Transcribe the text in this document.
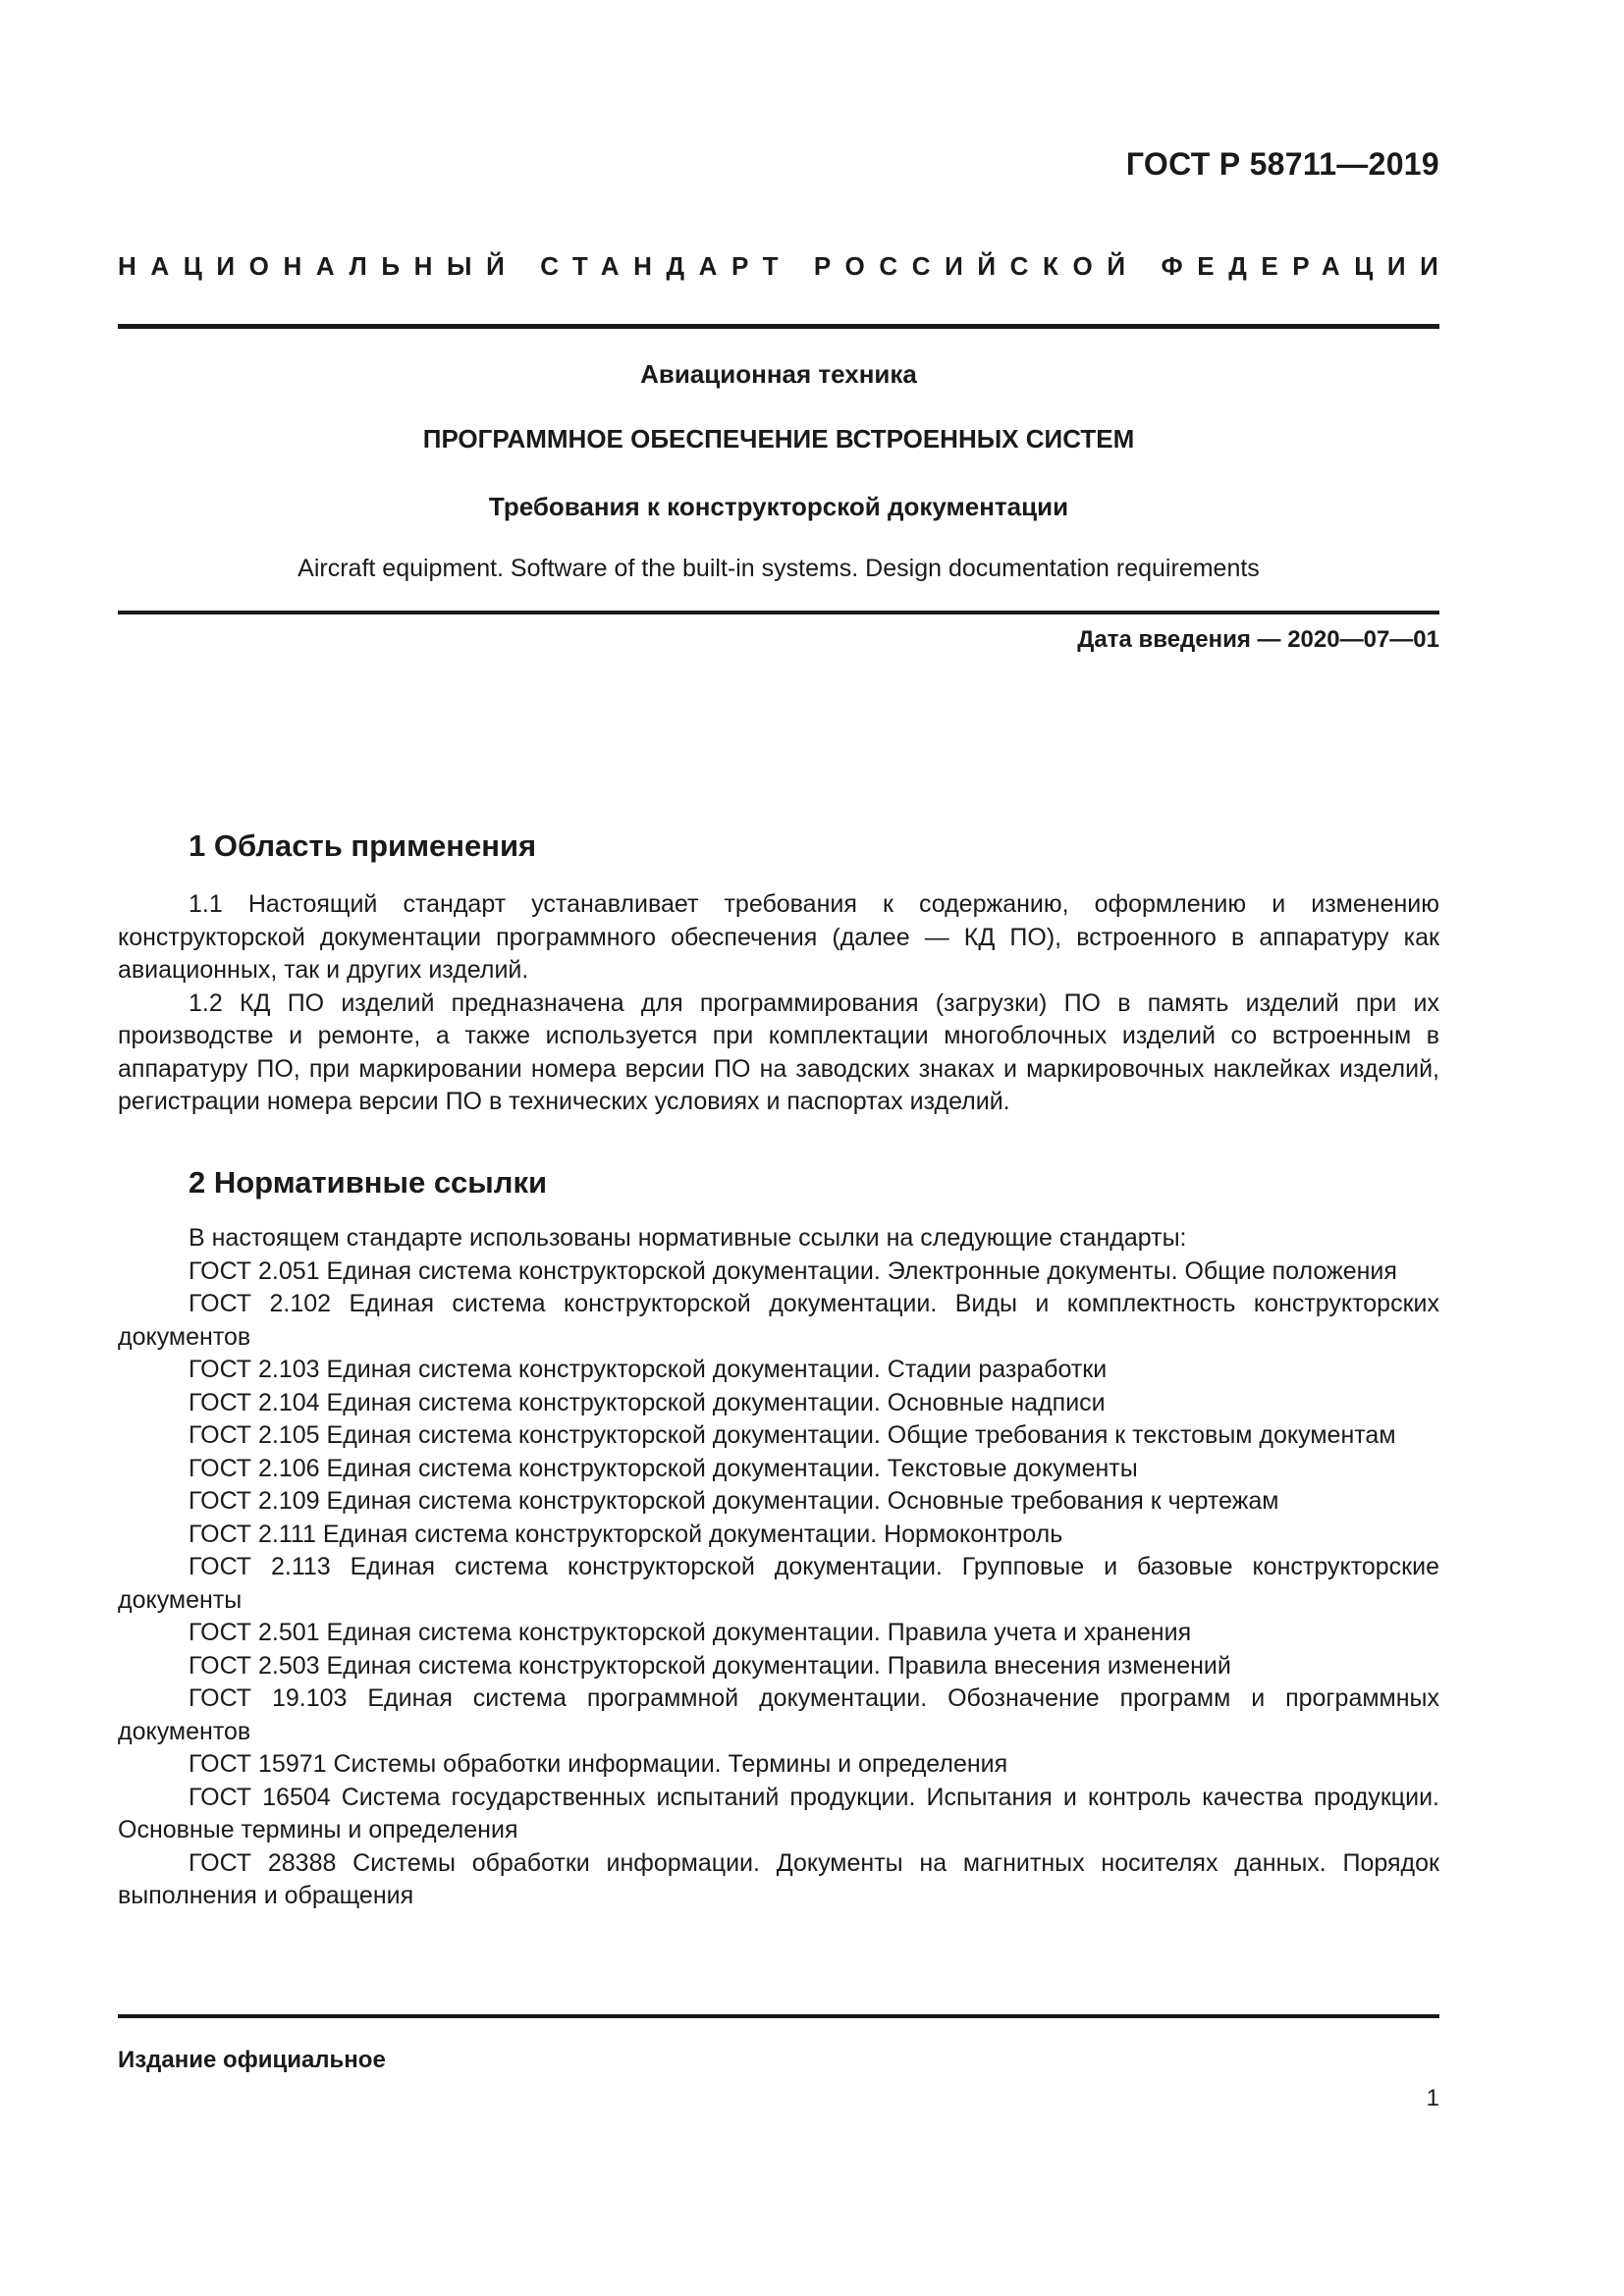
ГОСТ Р 58711—2019
НАЦИОНАЛЬНЫЙ СТАНДАРТ РОССИЙСКОЙ ФЕДЕРАЦИИ
Авиационная техника
ПРОГРАММНОЕ ОБЕСПЕЧЕНИЕ ВСТРОЕННЫХ СИСТЕМ
Требования к конструкторской документации
Aircraft equipment. Software of the built-in systems. Design documentation requirements
Дата введения — 2020—07—01
1 Область применения

1.1 Настоящий стандарт устанавливает требования к содержанию, оформлению и изменению конструкторской документации программного обеспечения (далее — КД ПО), встроенного в аппаратуру как авиационных, так и других изделий.

1.2 КД ПО изделий предназначена для программирования (загрузки) ПО в память изделий при их производстве и ремонте, а также используется при комплектации многоблочных изделий со встроенным в аппаратуру ПО, при маркировании номера версии ПО на заводских знаках и маркировочных наклейках изделий, регистрации номера версии ПО в технических условиях и паспортах изделий.

2 Нормативные ссылки

В настоящем стандарте использованы нормативные ссылки на следующие стандарты:

ГОСТ 2.051 Единая система конструкторской документации. Электронные документы. Общие положения

ГОСТ 2.102 Единая система конструкторской документации. Виды и комплектность конструкторских документов

ГОСТ 2.103 Единая система конструкторской документации. Стадии разработки

ГОСТ 2.104 Единая система конструкторской документации. Основные надписи

ГОСТ 2.105 Единая система конструкторской документации. Общие требования к текстовым документам

ГОСТ 2.106 Единая система конструкторской документации. Текстовые документы

ГОСТ 2.109 Единая система конструкторской документации. Основные требования к чертежам

ГОСТ 2.111 Единая система конструкторской документации. Нормоконтроль

ГОСТ 2.113 Единая система конструкторской документации. Групповые и базовые конструкторские документы

ГОСТ 2.501 Единая система конструкторской документации. Правила учета и хранения

ГОСТ 2.503 Единая система конструкторской документации. Правила внесения изменений

ГОСТ 19.103 Единая система программной документации. Обозначение программ и программных документов

ГОСТ 15971 Системы обработки информации. Термины и определения

ГОСТ 16504 Система государственных испытаний продукции. Испытания и контроль качества продукции. Основные термины и определения

ГОСТ 28388 Системы обработки информации. Документы на магнитных носителях данных. Порядок выполнения и обращения

Издание официальное
1
